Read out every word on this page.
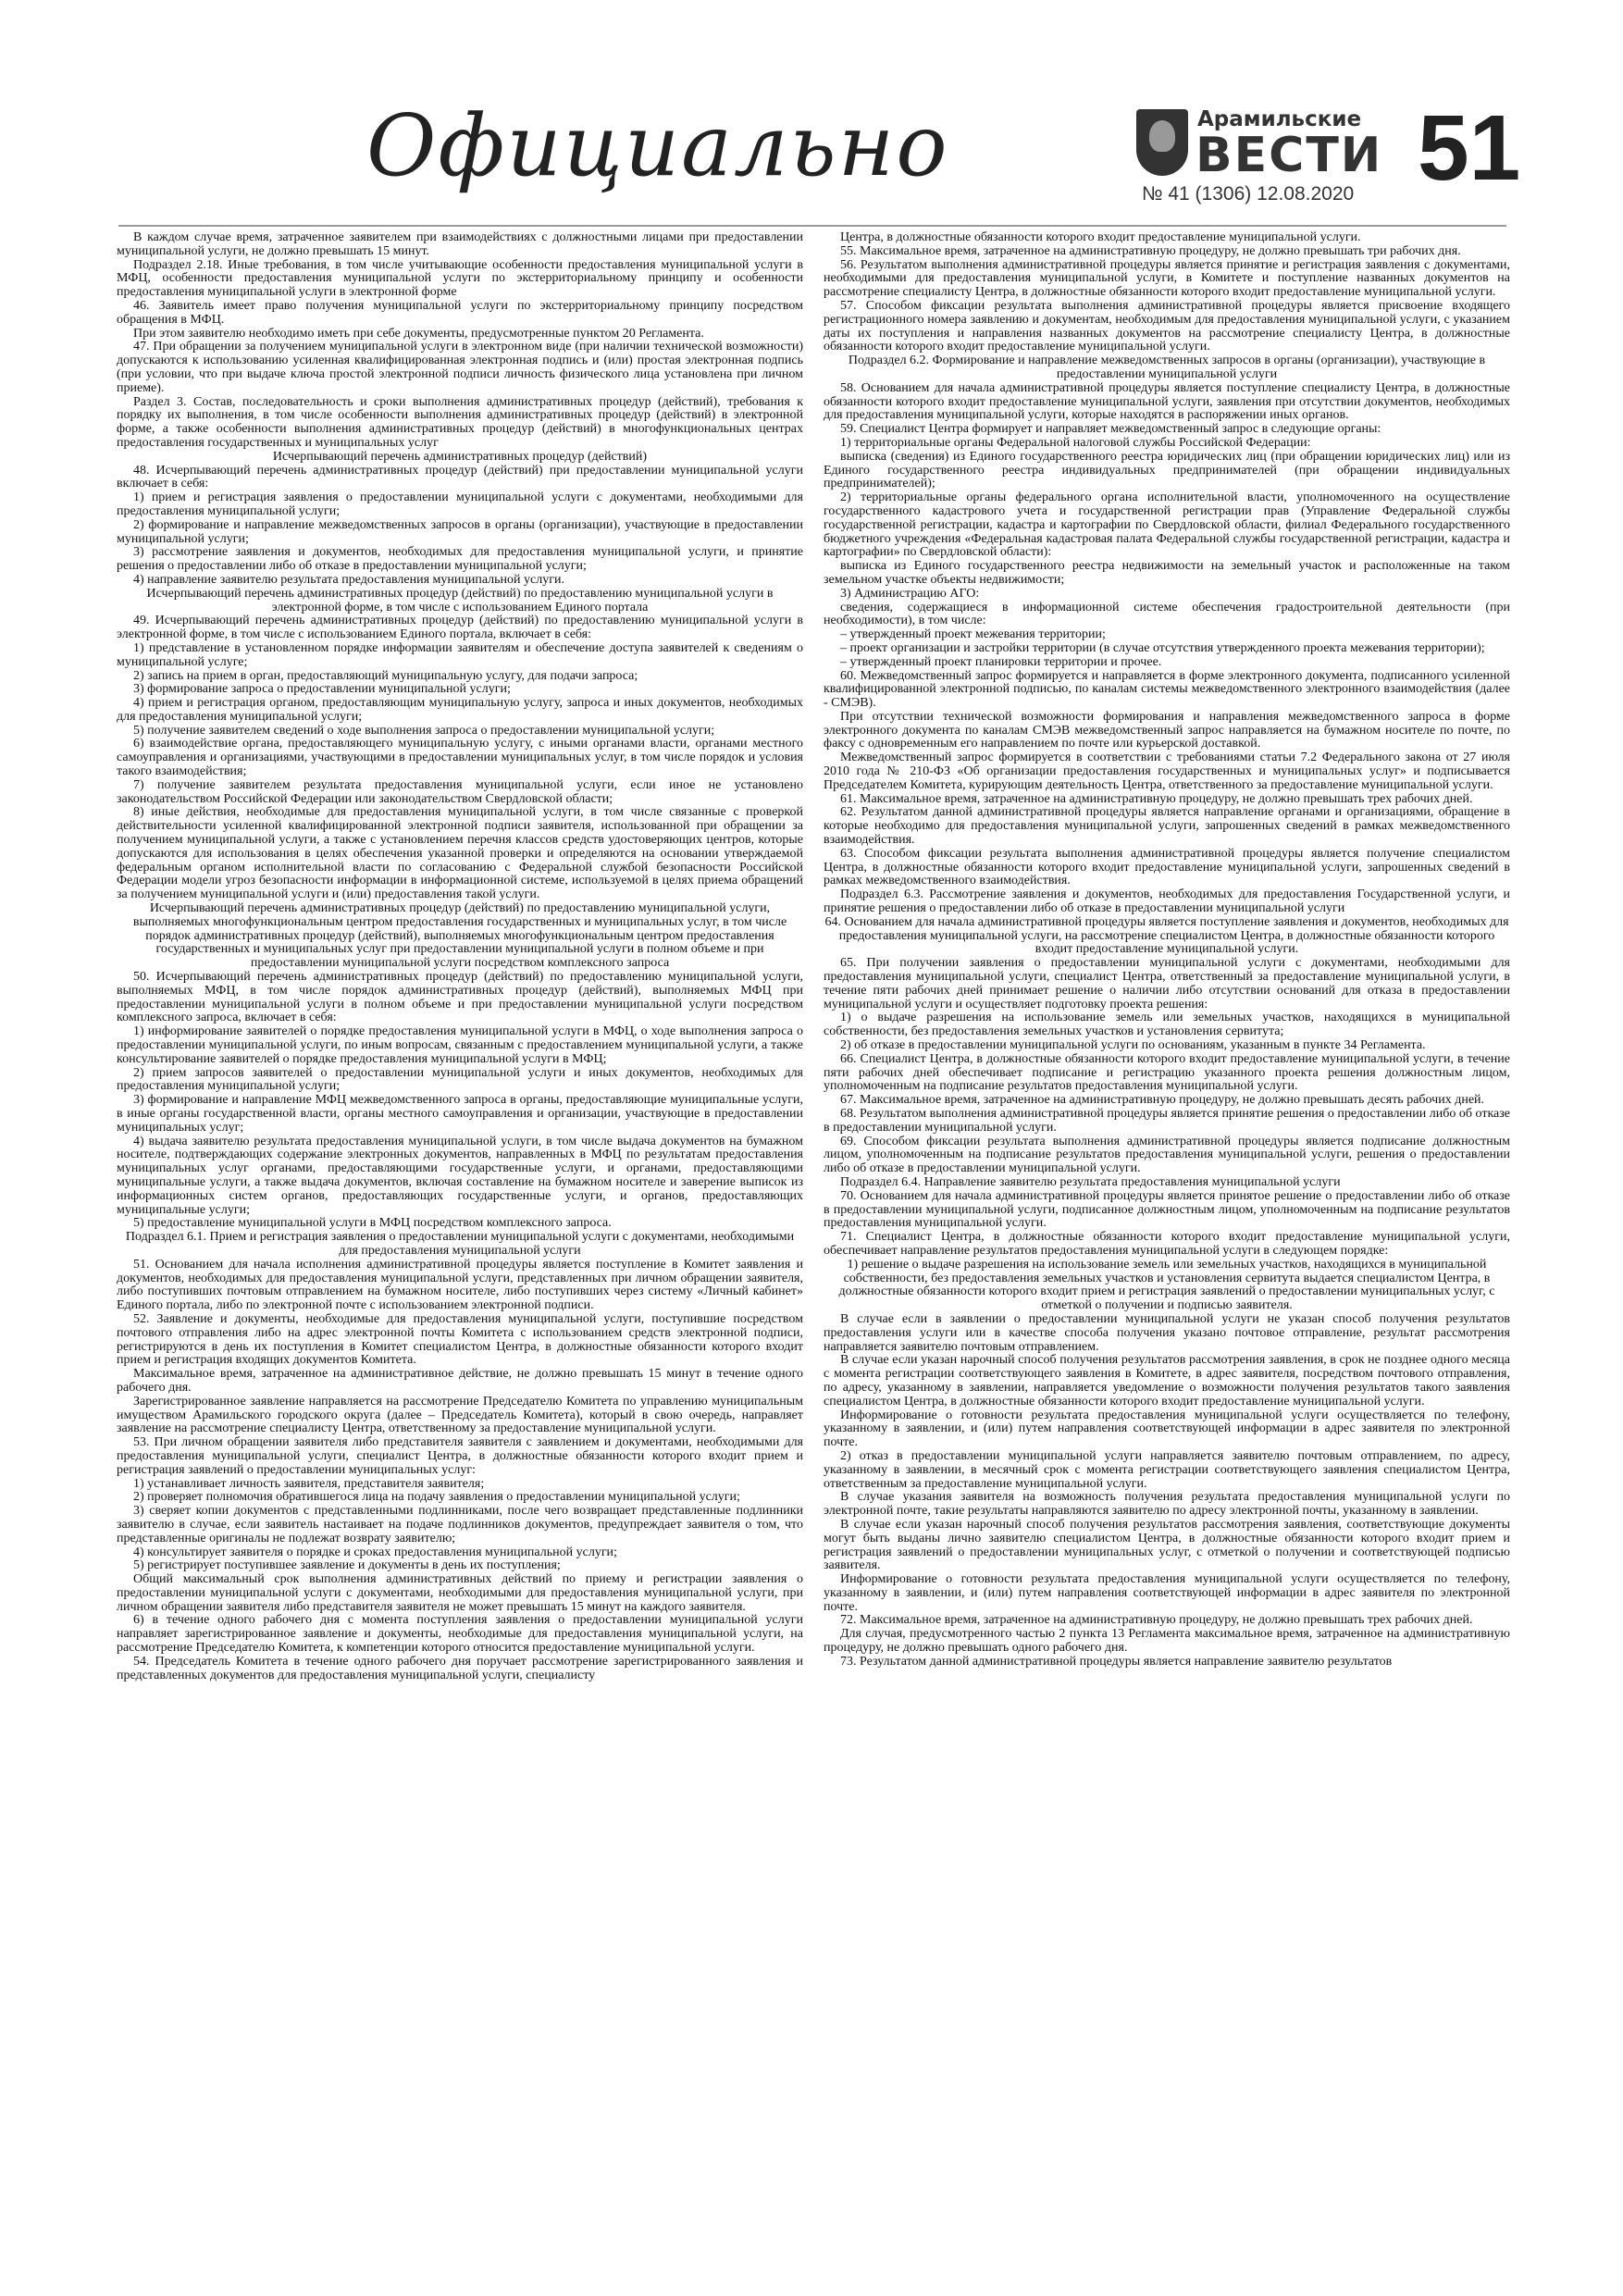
Официально	Арамильские
ВЕСТИ
№ 41 (1306) 12.08.2020 51

В каждом случае время, затраченное заявителем при взаимодействиях с должностными лицами при предоставлении муниципальной услуги, не должно превышать 15 минут.

Подраздел 2.18. Иные требования, в том числе учитывающие особенности предоставления муниципальной услуги в МФЦ, особенности предоставления муниципальной услуги по экстерриториальному принципу и особенности предоставления муниципальной услуги в электронной форме

46. Заявитель имеет право получения муниципальной услуги по экстерриториальному принципу посредством обращения в МФЦ.

При этом заявителю необходимо иметь при себе документы, предусмотренные пунктом 20 Регламента.

47. При обращении за получением муниципальной услуги в электронном виде (при наличии технической возможности) допускаются к использованию усиленная квалифицированная электронная подпись и (или) простая электронная подпись (при условии, что при выдаче ключа простой электронной подписи личность физического лица установлена при личном приеме).

Раздел 3. Состав, последовательность и сроки выполнения административных процедур (действий), требования к порядку их выполнения, в том числе особенности выполнения административных процедур (действий) в электронной форме, а также особенности выполнения административных процедур (действий) в многофункциональных центрах предоставления государственных и муниципальных услуг

Исчерпывающий перечень административных процедур (действий)

48. Исчерпывающий перечень административных процедур (действий) при предоставлении муниципальной услуги включает в себя:

1) прием и регистрация заявления о предоставлении муниципальной услуги с документами, необходимыми для предоставления муниципальной услуги;

2) формирование и направление межведомственных запросов в органы (организации), участвующие в предоставлении муниципальной услуги;

3) рассмотрение заявления и документов, необходимых для предоставления муниципальной услуги, и принятие решения о предоставлении либо об отказе в предоставлении муниципальной услуги;

4) направление заявителю результата предоставления муниципальной услуги.

Исчерпывающий перечень административных процедур (действий) по предоставлению муниципальной услуги в электронной форме, в том числе с использованием Единого портала

49. Исчерпывающий перечень административных процедур (действий) по предоставлению муниципальной услуги в электронной форме, в том числе с использованием Единого портала, включает в себя:

1) представление в установленном порядке информации заявителям и обеспечение доступа заявителей к сведениям о муниципальной услуге;

2) запись на прием в орган, предоставляющий муниципальную услугу, для подачи запроса;

3) формирование запроса о предоставлении муниципальной услуги;

4) прием и регистрация органом, предоставляющим муниципальную услугу, запроса и иных документов, необходимых для предоставления муниципальной услуги;

5) получение заявителем сведений о ходе выполнения запроса о предоставлении муниципальной услуги;

6) взаимодействие органа, предоставляющего муниципальную услугу, с иными органами власти, органами местного самоуправления и организациями, участвующими в предоставлении муниципальных услуг, в том числе порядок и условия такого взаимодействия;

7) получение заявителем результата предоставления муниципальной услуги, если иное не установлено законодательством Российской Федерации или законодательством Свердловской области;

8) иные действия, необходимые для предоставления муниципальной услуги, в том числе связанные с проверкой действительности усиленной квалифицированной электронной подписи заявителя, использованной при обращении за получением муниципальной услуги, а также с установлением перечня классов средств удостоверяющих центров, которые допускаются для использования в целях обеспечения указанной проверки и определяются на основании утверждаемой федеральным органом исполнительной власти по согласованию с Федеральной службой безопасности Российской Федерации модели угроз безопасности информации в информационной системе, используемой в целях приема обращений за получением муниципальной услуги и (или) предоставления такой услуги.

Исчерпывающий перечень административных процедур (действий) по предоставлению муниципальной услуги, выполняемых многофункциональным центром предоставления государственных и муниципальных услуг, в том числе порядок административных процедур (действий), выполняемых многофункциональным центром предоставления государственных и муниципальных услуг при предоставлении муниципальной услуги в полном объеме и при предоставлении муниципальной услуги посредством комплексного запроса

50. Исчерпывающий перечень административных процедур (действий) по предоставлению муниципальной услуги, выполняемых МФЦ, в том числе порядок административных процедур (действий), выполняемых МФЦ при предоставлении муниципальной услуги в полном объеме и при предоставлении муниципальной услуги посредством комплексного запроса, включает в себя:

1) информирование заявителей о порядке предоставления муниципальной услуги в МФЦ, о ходе выполнения запроса о предоставлении муниципальной услуги, по иным вопросам, связанным с предоставлением муниципальной услуги, а также консультирование заявителей о порядке предоставления муниципальной услуги в МФЦ;

2) прием запросов заявителей о предоставлении муниципальной услуги и иных документов, необходимых для предоставления муниципальной услуги;

3) формирование и направление МФЦ межведомственного запроса в органы, предоставляющие муниципальные услуги, в иные органы государственной власти, органы местного самоуправления и организации, участвующие в предоставлении муниципальных услуг;

4) выдача заявителю результата предоставления муниципальной услуги, в том числе выдача документов на бумажном носителе, подтверждающих содержание электронных документов, направленных в МФЦ по результатам предоставления муниципальных услуг органами, предоставляющими государственные услуги, и органами, предоставляющими муниципальные услуги, а также выдача документов, включая составление на бумажном носителе и заверение выписок из информационных систем органов, предоставляющих государственные услуги, и органов, предоставляющих муниципальные услуги;

5) предоставление муниципальной услуги в МФЦ посредством комплексного запроса.

Подраздел 6.1. Прием и регистрация заявления о предоставлении муниципальной услуги с документами, необходимыми для предоставления муниципальной услуги

51. Основанием для начала исполнения административной процедуры является поступление в Комитет заявления и документов, необходимых для предоставления муниципальной услуги, представленных при личном обращении заявителя, либо поступивших почтовым отправлением на бумажном носителе, либо поступивших через систему «Личный кабинет» Единого портала, либо по электронной почте с использованием электронной подписи.

52. Заявление и документы, необходимые для предоставления муниципальной услуги, поступившие посредством почтового отправления либо на адрес электронной почты Комитета с использованием средств электронной подписи, регистрируются в день их поступления в Комитет специалистом Центра, в должностные обязанности которого входит прием и регистрация входящих документов Комитета.

Максимальное время, затраченное на административное действие, не должно превышать 15 минут в течение одного рабочего дня.

Зарегистрированное заявление направляется на рассмотрение Председателю Комитета по управлению муниципальным имуществом Арамильского городского округа (далее – Председатель Комитета), который в свою очередь, направляет заявление на рассмотрение специалисту Центра, ответственному за предоставление муниципальной услуги.

53. При личном обращении заявителя либо представителя заявителя с заявлением и документами, необходимыми для предоставления муниципальной услуги, специалист Центра, в должностные обязанности которого входит прием и регистрация заявлений о предоставлении муниципальных услуг:

1) устанавливает личность заявителя, представителя заявителя;

2) проверяет полномочия обратившегося лица на подачу заявления о предоставлении муниципальной услуги;

3) сверяет копии документов с представленными подлинниками, после чего возвращает представленные подлинники заявителю в случае, если заявитель настаивает на подаче подлинников документов, предупреждает заявителя о том, что представленные оригиналы не подлежат возврату заявителю;

4) консультирует заявителя о порядке и сроках предоставления муниципальной услуги;

5) регистрирует поступившее заявление и документы в день их поступления;

Общий максимальный срок выполнения административных действий по приему и регистрации заявления о предоставлении муниципальной услуги с документами, необходимыми для предоставления муниципальной услуги, при личном обращении заявителя либо представителя заявителя не может превышать 15 минут на каждого заявителя.

6) в течение одного рабочего дня с момента поступления заявления о предоставлении муниципальной услуги направляет зарегистрированное заявление и документы, необходимые для предоставления муниципальной услуги, на рассмотрение Председателю Комитета, к компетенции которого относится предоставление муниципальной услуги.

54. Председатель Комитета в течение одного рабочего дня поручает рассмотрение зарегистрированного заявления и представленных документов для предоставления муниципальной услуги, специалисту

Центра, в должностные обязанности которого входит предоставление муниципальной услуги.

55. Максимальное время, затраченное на административную процедуру, не должно превышать три рабочих дня.

56. Результатом выполнения административной процедуры является принятие и регистрация заявления с документами, необходимыми для предоставления муниципальной услуги, в Комитете и поступление названных документов на рассмотрение специалисту Центра, в должностные обязанности которого входит предоставление муниципальной услуги.

57. Способом фиксации результата выполнения административной процедуры является присвоение входящего регистрационного номера заявлению и документам, необходимым для предоставления муниципальной услуги, с указанием даты их поступления и направления названных документов на рассмотрение специалисту Центра, в должностные обязанности которого входит предоставление муниципальной услуги.

Подраздел 6.2. Формирование и направление межведомственных запросов в органы (организации), участвующие в предоставлении муниципальной услуги

58. Основанием для начала административной процедуры является поступление специалисту Центра, в должностные обязанности которого входит предоставление муниципальной услуги, заявления при отсутствии документов, необходимых для предоставления муниципальной услуги, которые находятся в распоряжении иных органов.

59. Специалист Центра формирует и направляет межведомственный запрос в следующие органы:

1) территориальные органы Федеральной налоговой службы Российской Федерации:

выписка (сведения) из Единого государственного реестра юридических лиц (при обращении юридических лиц) или из Единого государственного реестра индивидуальных предпринимателей (при обращении индивидуальных предпринимателей);

2) территориальные органы федерального органа исполнительной власти, уполномоченного на осуществление государственного кадастрового учета и государственной регистрации прав (Управление Федеральной службы государственной регистрации, кадастра и картографии по Свердловской области, филиал Федерального государственного бюджетного учреждения «Федеральная кадастровая палата Федеральной службы государственной регистрации, кадастра и картографии» по Свердловской области):

выписка из Единого государственного реестра недвижимости на земельный участок и расположенные на таком земельном участке объекты недвижимости;

3) Администрацию АГО:

сведения, содержащиеся в информационной системе обеспечения градостроительной деятельности (при необходимости), в том числе:

– утвержденный проект межевания территории;

– проект организации и застройки территории (в случае отсутствия утвержденного проекта межевания территории);

– утвержденный проект планировки территории и прочее.

60. Межведомственный запрос формируется и направляется в форме электронного документа, подписанного усиленной квалифицированной электронной подписью, по каналам системы межведомственного электронного взаимодействия (далее - СМЭВ).

При отсутствии технической возможности формирования и направления межведомственного запроса в форме электронного документа по каналам СМЭВ межведомственный запрос направляется на бумажном носителе по почте, по факсу с одновременным его направлением по почте или курьерской доставкой.

Межведомственный запрос формируется в соответствии с требованиями статьи 7.2 Федерального закона от 27 июля 2010 года № 210-ФЗ «Об организации предоставления государственных и муниципальных услуг» и подписывается Председателем Комитета, курирующим деятельность Центра, ответственного за предоставление муниципальной услуги.

61. Максимальное время, затраченное на административную процедуру, не должно превышать трех рабочих дней.

62. Результатом данной административной процедуры является направление органами и организациями, обращение в которые необходимо для предоставления муниципальной услуги, запрошенных сведений в рамках межведомственного взаимодействия.

63. Способом фиксации результата выполнения административной процедуры является получение специалистом Центра, в должностные обязанности которого входит предоставление муниципальной услуги, запрошенных сведений в рамках межведомственного взаимодействия.

Подраздел 6.3. Рассмотрение заявления и документов, необходимых для предоставления Государственной услуги, и принятие решения о предоставлении либо об отказе в предоставлении муниципальной услуги

64. Основанием для начала административной процедуры является поступление заявления и документов, необходимых для предоставления муниципальной услуги, на рассмотрение специалистом Центра, в должностные обязанности которого входит предоставление муниципальной услуги.

65. При получении заявления о предоставлении муниципальной услуги с документами, необходимыми для предоставления муниципальной услуги, специалист Центра, ответственный за предоставление муниципальной услуги, в течение пяти рабочих дней принимает решение о наличии либо отсутствии оснований для отказа в предоставлении муниципальной услуги и осуществляет подготовку проекта решения:

1) о выдаче разрешения на использование земель или земельных участков, находящихся в муниципальной собственности, без предоставления земельных участков и установления сервитута;

2) об отказе в предоставлении муниципальной услуги по основаниям, указанным в пункте 34 Регламента.

66. Специалист Центра, в должностные обязанности которого входит предоставление муниципальной услуги, в течение пяти рабочих дней обеспечивает подписание и регистрацию указанного проекта решения должностным лицом, уполномоченным на подписание результатов предоставления муниципальной услуги.

67. Максимальное время, затраченное на административную процедуру, не должно превышать десять рабочих дней.

68. Результатом выполнения административной процедуры является принятие решения о предоставлении либо об отказе в предоставлении муниципальной услуги.

69. Способом фиксации результата выполнения административной процедуры является подписание должностным лицом, уполномоченным на подписание результатов предоставления муниципальной услуги, решения о предоставлении либо об отказе в предоставлении муниципальной услуги.

Подраздел 6.4. Направление заявителю результата предоставления муниципальной услуги

70. Основанием для начала административной процедуры является принятое решение о предоставлении либо об отказе в предоставлении муниципальной услуги, подписанное должностным лицом, уполномоченным на подписание результатов предоставления муниципальной услуги.

71. Специалист Центра, в должностные обязанности которого входит предоставление муниципальной услуги, обеспечивает направление результатов предоставления муниципальной услуги в следующем порядке:

1) решение о выдаче разрешения на использование земель или земельных участков, находящихся в муниципальной собственности, без предоставления земельных участков и установления сервитута выдается специалистом Центра, в должностные обязанности которого входит прием и регистрация заявлений о предоставлении муниципальных услуг, с отметкой о получении и подписью заявителя.

В случае если в заявлении о предоставлении муниципальной услуги не указан способ получения результатов предоставления услуги или в качестве способа получения указано почтовое отправление, результат рассмотрения направляется заявителю почтовым отправлением.

В случае если указан нарочный способ получения результатов рассмотрения заявления, в срок не позднее одного месяца с момента регистрации соответствующего заявления в Комитете, в адрес заявителя, посредством почтового отправления, по адресу, указанному в заявлении, направляется уведомление о возможности получения результатов такого заявления специалистом Центра, в должностные обязанности которого входит предоставление муниципальной услуги.

Информирование о готовности результата предоставления муниципальной услуги осуществляется по телефону, указанному в заявлении, и (или) путем направления соответствующей информации в адрес заявителя по электронной почте.

2) отказ в предоставлении муниципальной услуги направляется заявителю почтовым отправлением, по адресу, указанному в заявлении, в месячный срок с момента регистрации соответствующего заявления специалистом Центра, ответственным за предоставление муниципальной услуги.

В случае указания заявителя на возможность получения результата предоставления муниципальной услуги по электронной почте, такие результаты направляются заявителю по адресу электронной почты, указанному в заявлении.

В случае если указан нарочный способ получения результатов рассмотрения заявления, соответствующие документы могут быть выданы лично заявителю специалистом Центра, в должностные обязанности которого входит прием и регистрация заявлений о предоставлении муниципальных услуг, с отметкой о получении и соответствующей подписью заявителя.

Информирование о готовности результата предоставления муниципальной услуги осуществляется по телефону, указанному в заявлении, и (или) путем направления соответствующей информации в адрес заявителя по электронной почте.

72. Максимальное время, затраченное на административную процедуру, не должно превышать трех рабочих дней.

Для случая, предусмотренного частью 2 пункта 13 Регламента максимальное время, затраченное на административную процедуру, не должно превышать одного рабочего дня.

73. Результатом данной административной процедуры является направление заявителю результатов
